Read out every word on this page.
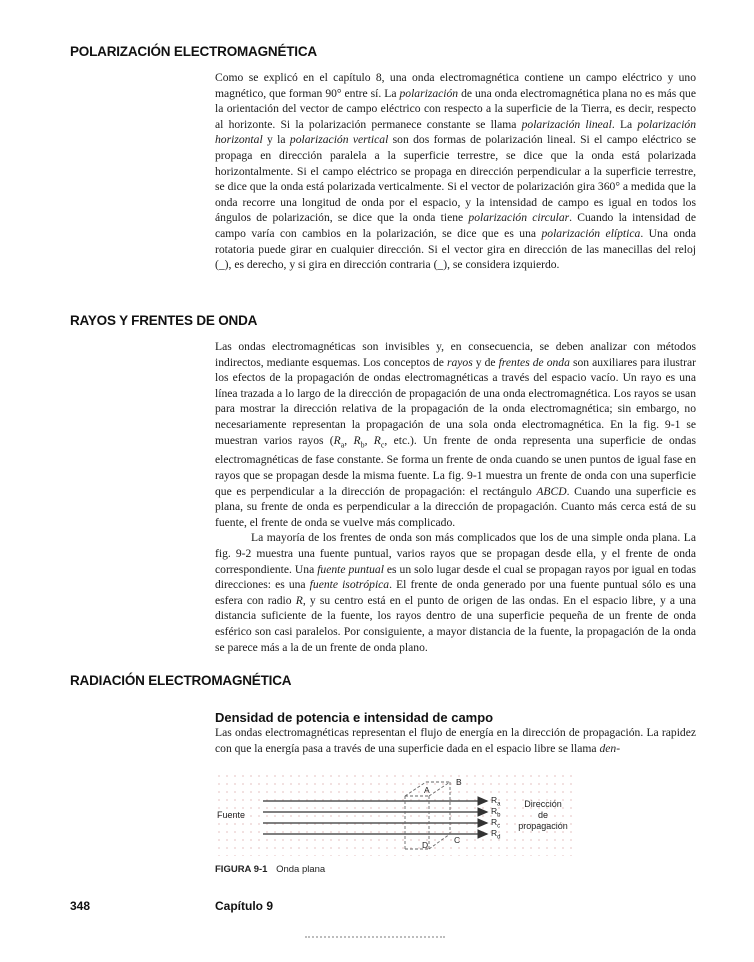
POLARIZACIÓN ELECTROMAGNÉTICA

Como se explicó en el capítulo 8, una onda electromagnética contiene un campo eléctrico y uno magnético, que forman 90° entre sí. La polarización de una onda electromagnética plana no es más que la orientación del vector de campo eléctrico con respecto a la superficie de la Tierra, es decir, respecto al horizonte. Si la polarización permanece constante se llama polarización lineal. La polarización horizontal y la polarización vertical son dos formas de polarización lineal. Si el campo eléctrico se propaga en dirección paralela a la superficie terrestre, se dice que la onda está polarizada horizontalmente. Si el campo eléctrico se propaga en dirección perpendicular a la superficie terrestre, se dice que la onda está polarizada verticalmente. Si el vector de polarización gira 360° a medida que la onda recorre una longitud de onda por el espacio, y la intensidad de campo es igual en todos los ángulos de polarización, se dice que la onda tiene polarización circular. Cuando la intensidad de campo varía con cambios en la polarización, se dice que es una polarización elíptica. Una onda rotatoria puede girar en cualquier dirección. Si el vector gira en dirección de las manecillas del reloj (_), es derecho, y si gira en dirección contraria (_), se considera izquierdo.

RAYOS Y FRENTES DE ONDA

Las ondas electromagnéticas son invisibles y, en consecuencia, se deben analizar con métodos indirectos, mediante esquemas. Los conceptos de rayos y de frentes de onda son auxiliares para ilustrar los efectos de la propagación de ondas electromagnéticas a través del espacio vacío. Un rayo es una línea trazada a lo largo de la dirección de propagación de una onda electromagnética. Los rayos se usan para mostrar la dirección relativa de la propagación de la onda electromagnética; sin embargo, no necesariamente representan la propagación de una sola onda electromagnética. En la fig. 9-1 se muestran varios rayos ($R_a$, $R_b$, $R_c$, etc.). Un frente de onda representa una superficie de ondas electromagnéticas de fase constante. Se forma un frente de onda cuando se unen puntos de igual fase en rayos que se propagan desde la misma fuente. La fig. 9-1 muestra un frente de onda con una superficie que es perpendicular a la dirección de propagación: el rectángulo ABCD. Cuando una superficie es plana, su frente de onda es perpendicular a la dirección de propagación. Cuanto más cerca está de su fuente, el frente de onda se vuelve más complicado.

La mayoría de los frentes de onda son más complicados que los de una simple onda plana. La fig. 9-2 muestra una fuente puntual, varios rayos que se propagan desde ella, y el frente de onda correspondiente. Una fuente puntual es un solo lugar desde el cual se propagan rayos por igual en todas direcciones: es una fuente isotrópica. El frente de onda generado por una fuente puntual sólo es una esfera con radio R, y su centro está en el punto de origen de las ondas. En el espacio libre, y a una distancia suficiente de la fuente, los rayos dentro de una superficie pequeña de un frente de onda esférico son casi paralelos. Por consiguiente, a mayor distancia de la fuente, la propagación de la onda se parece más a la de un frente de onda plano.

RADIACIÓN ELECTROMAGNÉTICA
Densidad de potencia e intensidad de campo

Las ondas electromagnéticas representan el flujo de energía en la dirección de propagación. La rapidez con que la energía pasa a través de una superficie dada en el espacio libre se llama den-

Fuente
A
B
C
D
$R_a$
$R_b$
$R_c$
$R_d$
Dirección
de
propagación
FIGURA 9-1 Onda plana
348	Capítulo 9
